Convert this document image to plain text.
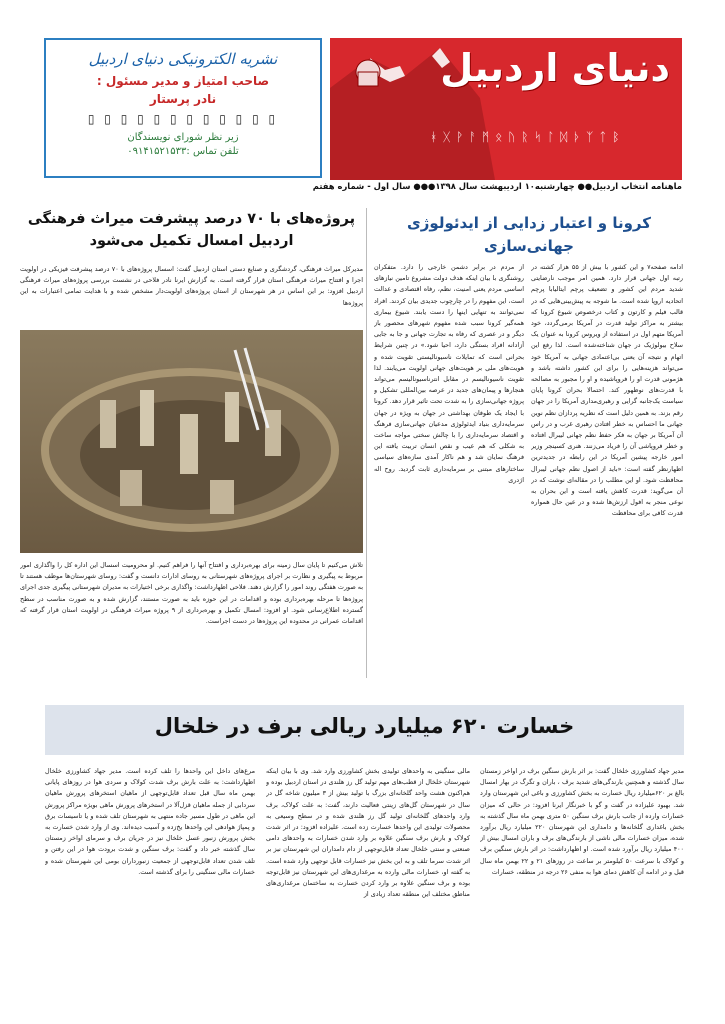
دنیای اردبیل
ᚼ ᚷ ᚹ ᚨ ᛗ ᛟ ᚢ ᚱ ᛋ ᛚ ᛞ ᚦ ᛉ ᛏ ᛒ
ماهنامه انتخاب اردبیل●● چهارشنبه۱۰ اردیبهشت سال ۱۳۹۸●●● سال اول - شماره هفتم
نشریه الکترونیکی دنیای اردبیل
صاحب امتیاز و مدیر مسئول :
نادر پرستار
▯ ▯ ▯ ▯ ▯ ▯ ▯ ▯ ▯ ▯ ▯ ▯
زیر نظر شورای نویسندگان
تلفن تماس :۰۹۱۴۱۵۲۱۵۳۳
کرونا و اعتبار زدایی از ایدئولوژی جهانی‌سازی
ادامه صفحه۷ و این کشور با بیش از ۵۵ هزار کشته در رتبه اول جهانی قرار دارد. همین امر موجب نارضایتی شدید مردم این کشور و تضعیف پرچم ایتالیا‌با پرچم اتحادیه اروپا شده است. ما شوجه به پیش‌بینی‌هایی که در قالب فیلم و کارتون و کتاب درخصوص شیوع کرونا که بیشتر به مراکز تولید قدرت در آمریکا برمی‌گردد، خود آمریکا متهم اول در استفاده از ویروس کرونا به عنوان یک سلاح بیولوژیک در جهان شناخته‌شده است. لذا رفع این اتهام و نتیجه آن یعنی بی‌اعتمادی جهانی به آمریکا خود می‌تواند هزینه‌هایی را برای این کشور داشته باشد و هژمونی قدرت او را فروپاشیده و او را مجبور به مصالحه با قدرت‌های نوظهور کند. احتمالا بحران کرونا پایان سیاست یک‌جانبه گرایی و رهبری‌مداری آمریکا را در جهان رقم بزند. به همین دلیل است که نظریه پردازان نظم نوین جهانی ما احساس به خطر افتادن رهبری غرب و در راس آن آمریکا بر جهان به فکر حفظ نظم جهانی لیبرال افتاده و خطر فروپاشی آن را فریاد می‌زنند. هنری کسینجر وزیر امور خارجه پیشین آمریکا در این رابطه در جدیدترین اظهارنظر گفته است: «باید از اصول نظم جهانی لیبرال محافظت شود. او این مطلب را در مقاله‌ای نوشت که در آن می‌گوید: قدرت کاهش یافته است و این بحران به نوعی منجر به افول ارزش‌ها شده و در عین حال همواره قدرت کافی برای محافظت
از مردم در برابر دشمن خارجی را دارد. متفکران روشنگری با بیان اینکه هدف دولت مشروع تامین نیازهای اساسی مردم یعنی امنیت، نظم، رفاه اقتصادی و عدالت است، این مفهوم را در چارچوب جدیدی بیان کردند. افراد نمی‌توانند به تنهایی اینها را دست یابند. شیوع بیماری همه‌گیر کرونا سبب شده مفهوم شهرهای محصور باز دیگر و در عصری که رفاه به تجارت جهانی و جا به جایی آزادانه افراد بستگی دارد، احیا شود.» در چنین شرایط بحرانی است که تمایلات ناسیونالیستی تقویت شده و هویت‌های ملی بر هویت‌های جهانی اولویت می‌یابند. لذا تقویت ناسیونالیسم در مقابل انترناسیونالیسم می‌تواند هنجارها و پیمان‌های جدید در عرصه بین‌المللی تشکیل و پروژه جهانی‌سازی را به شدت تحت تاثیر قرار دهد. کرونا با ایجاد یک طوفان بهداشتی در جهان به ویژه در جهان سرمایه‌داری بنیاد ایدئولوژی مدعیان جهانی‌سازی فرهنگ و اقتصاد سرمایه‌داری را با چالش سختی مواجه ساخت به شکلی که هم عیب و نقص انسان تربیت یافته این فرهنگ نمایان شد و هم ناکار آمدی سازه‌های سیاسی ساختارهای مبتنی بر سرمایه‌داری ثابت گردید. روح اله اژدری
پروژه‌های با ۷۰ درصد پیشرفت میراث فرهنگی اردبیل امسال تکمیل می‌شود
مدیرکل میراث فرهنگی، گردشگری و صنایع دستی استان اردبیل گفت: اسسال پروژه‌های با ۷۰ درصد پیشرفت فیزیکی در اولویت اجرا و افتتاح میراث فرهنگی استان قرار گرفته است. به گزارش ایرنا نادر فلاحی در نشست بررسی پروژه‌های میراث فرهنگی اردبیل افزود: بر این اساس در هر شهرستان از استان پروژه‌های اولویت‌دار مشخص شده و با هدایت تمامی اعتبارات به این پروژه‌ها
تلاش می‌کنیم تا پایان سال زمینه برای بهره‌برداری و افتتاح آنها را فراهم کنیم. او محرومیت اسسال این اداره کل را واگذاری امور مربوط به پیگیری و نظارت بر اجرای پروژه‌های شهرستانی به روسای ادارات دانست و گفت: روسای شهرستان‌ها موظف هستند تا به صورت هفتگی روند امور را گزارش دهند. فلاحی اظهارداشت: واگذاری برخی اختیارات به مدیران شهرستانی پیگیری جدی اجرای پروژه‌ها تا مرحله بهره‌برداری بوده و اقدامات در این حوزه باید به صورت مستند، گزارش شده و به صورت مناسب در سطح گسترده اطلاع‌رسانی شود. او افزود: امسال تکمیل و بهره‌برداری از ۹ پروژه میراث فرهنگی در اولویت استان قرار گرفته که اقدامات عمرانی در محدوده این پروژه‌ها در دست اجراست.
خسارت ۶۲۰ میلیارد ریالی برف در خلخال
مدیر جهاد کشاورزی خلخال گفت: بر اثر بارش سنگین برف در اواخر زمستان سال گذشته و همچنین بارندگی‌های شدید برف ، باران و تگرگ در بهار امسال بالغ بر ۶۲۰میلیارد ریال خسارت به بخش کشاورزی و باغی این شهرستان وارد شد. بهبود علیزاده در گفت و گو با خبرنگار ایرنا افزود: در حالی که میزان خسارات وارده از جانب بارش برف سنگین ۵۰ متری بهمن ماه سال گذشته به بخش باغداری گلخانه‌ها و دامداری این شهرستان ۲۲۰ میلیارد ریال برآورد شده، میزان خسارات مالی ناشی از بارندگی‌های برف و باران امسال بیش از ۴۰۰ میلیارد ریال برآورد شده است. او اظهارداشت: در اثر بارش سنگین برف و کولاک با سرعت ۵۰ کیلومتر بر ساعت در روزهای ۲۱ و ۲۲ بهمن ماه سال قبل و در ادامه آن کاهش دمای هوا به منفی ۲۶ درجه در منطقه، خسارات
مالی سنگینی به واحدهای تولیدی بخش کشاورزی وارد شد. وی با بیان اینکه شهرستان خلخال از قطب‌های مهم تولید گل رز هلندی در استان اردبیل بوده و هم‌اکنون هشت واحد گلخانه‌ای بزرگ با تولید بیش از ۳ میلیون شاخه گل در سال در شهرستان گل‌های زینتی فعالیت دارند، گفت: به علت کولاک، برف وارد واحدهای گلخانه‌ای تولید گل رز هلندی شده و در سطح وسیعی به محصولات تولیدی این واحدها خسارت زده است. علیزاده افزود: در اثر شدت کولاک و بارش برف سنگین علاوه بر وارد شدن خسارات به واحدهای دامی صنعتی و سنتی خلخال تعداد قابل‌توجهی از دام دامداران این شهرستان نیز بر اثر شدت سرما تلف و به این بخش نیز خسارات قابل توجهی وارد شده است. به گفته او، خسارات مالی وارده به مرغداری‌های این شهرستان نیز قابل‌توجه بوده و برف سنگین علاوه بر وارد کردن خسارت به ساختمان مرغداری‌های مناطق مختلف این منطقه تعداد زیادی از
مرغ‌های داخل این واحدها را تلف کرده است. مدیر جهاد کشاورزی خلخال اظهارداشت: به علت بارش برف شدت کولاک و سردی هوا در روزهای پایانی بهمن ماه سال قبل تعداد قابل‌توجهی از ماهیان استخرهای پرورش ماهیان سردابی از جمله ماهیان قزل‌آلا در استخرهای پرورش ماهی بویژه مراکز پرورش این ماهی در طول مسیر جاده منتهی به شهرستان تلف شده و یا تاسیسات برق و پمپاژ هوادهی این واحدها یخ‌زده و آسیب دیده‌اند. وی از وارد شدن خسارت به بخش پرورش زنبور عسل خلخال نیز در جریان برف و سرمای اواخر زمستان سال گذشته خبر داد و گفت: برف سنگین و شدت برودت هوا در این رفتن و تلف شدن تعداد قابل‌توجهی از جمعیت زنبورداران بومی این شهرستان شده و خسارات مالی سنگینی را برای گذشته است.
